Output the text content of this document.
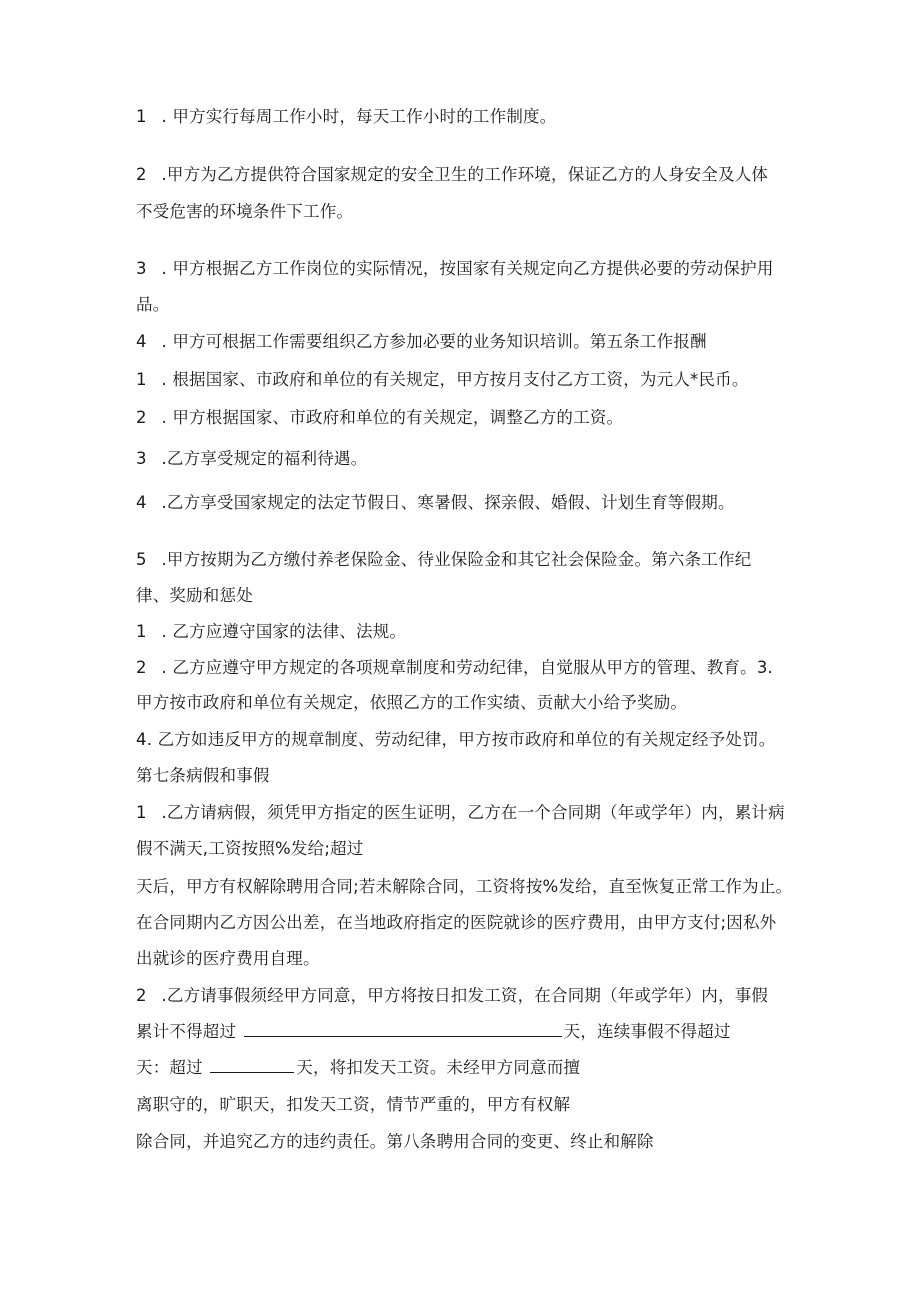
1 . 甲方实行每周工作小时，每天工作小时的工作制度。
2 .甲方为乙方提供符合国家规定的安全卫生的工作环境，保证乙方的人身安全及人体
不受危害的环境条件下工作。
3 . 甲方根据乙方工作岗位的实际情况，按国家有关规定向乙方提供必要的劳动保护用
品。
4 . 甲方可根据工作需要组织乙方参加必要的业务知识培训。第五条工作报酬
1 . 根据国家、市政府和单位的有关规定，甲方按月支付乙方工资，为元人*民币。
2 . 甲方根据国家、市政府和单位的有关规定，调整乙方的工资。
3 .乙方享受规定的福利待遇。
4 .乙方享受国家规定的法定节假日、寒暑假、探亲假、婚假、计划生育等假期。
5 .甲方按期为乙方缴付养老保险金、待业保险金和其它社会保险金。第六条工作纪
律、奖励和惩处
1 . 乙方应遵守国家的法律、法规。
2 . 乙方应遵守甲方规定的各项规章制度和劳动纪律，自觉服从甲方的管理、教育。3.
甲方按市政府和单位有关规定，依照乙方的工作实绩、贡献大小给予奖励。
4. 乙方如违反甲方的规章制度、劳动纪律，甲方按市政府和单位的有关规定经予处罚。
第七条病假和事假
1 .乙方请病假，须凭甲方指定的医生证明，乙方在一个合同期（年或学年）内，累计病
假不满天,工资按照%发给;超过
天后，甲方有权解除聘用合同;若未解除合同，工资将按%发给，直至恢复正常工作为止。
在合同期内乙方因公出差，在当地政府指定的医院就诊的医疗费用，由甲方支付;因私外
出就诊的医疗费用自理。
2 .乙方请事假须经甲方同意，甲方将按日扣发工资，在合同期（年或学年）内，事假
累计不得超过	天，连续事假不得超过
天：超过	天，将扣发天工资。未经甲方同意而擅
离职守的，旷职天，扣发天工资，情节严重的，甲方有权解
除合同，并追究乙方的违约责任。第八条聘用合同的变更、终止和解除
